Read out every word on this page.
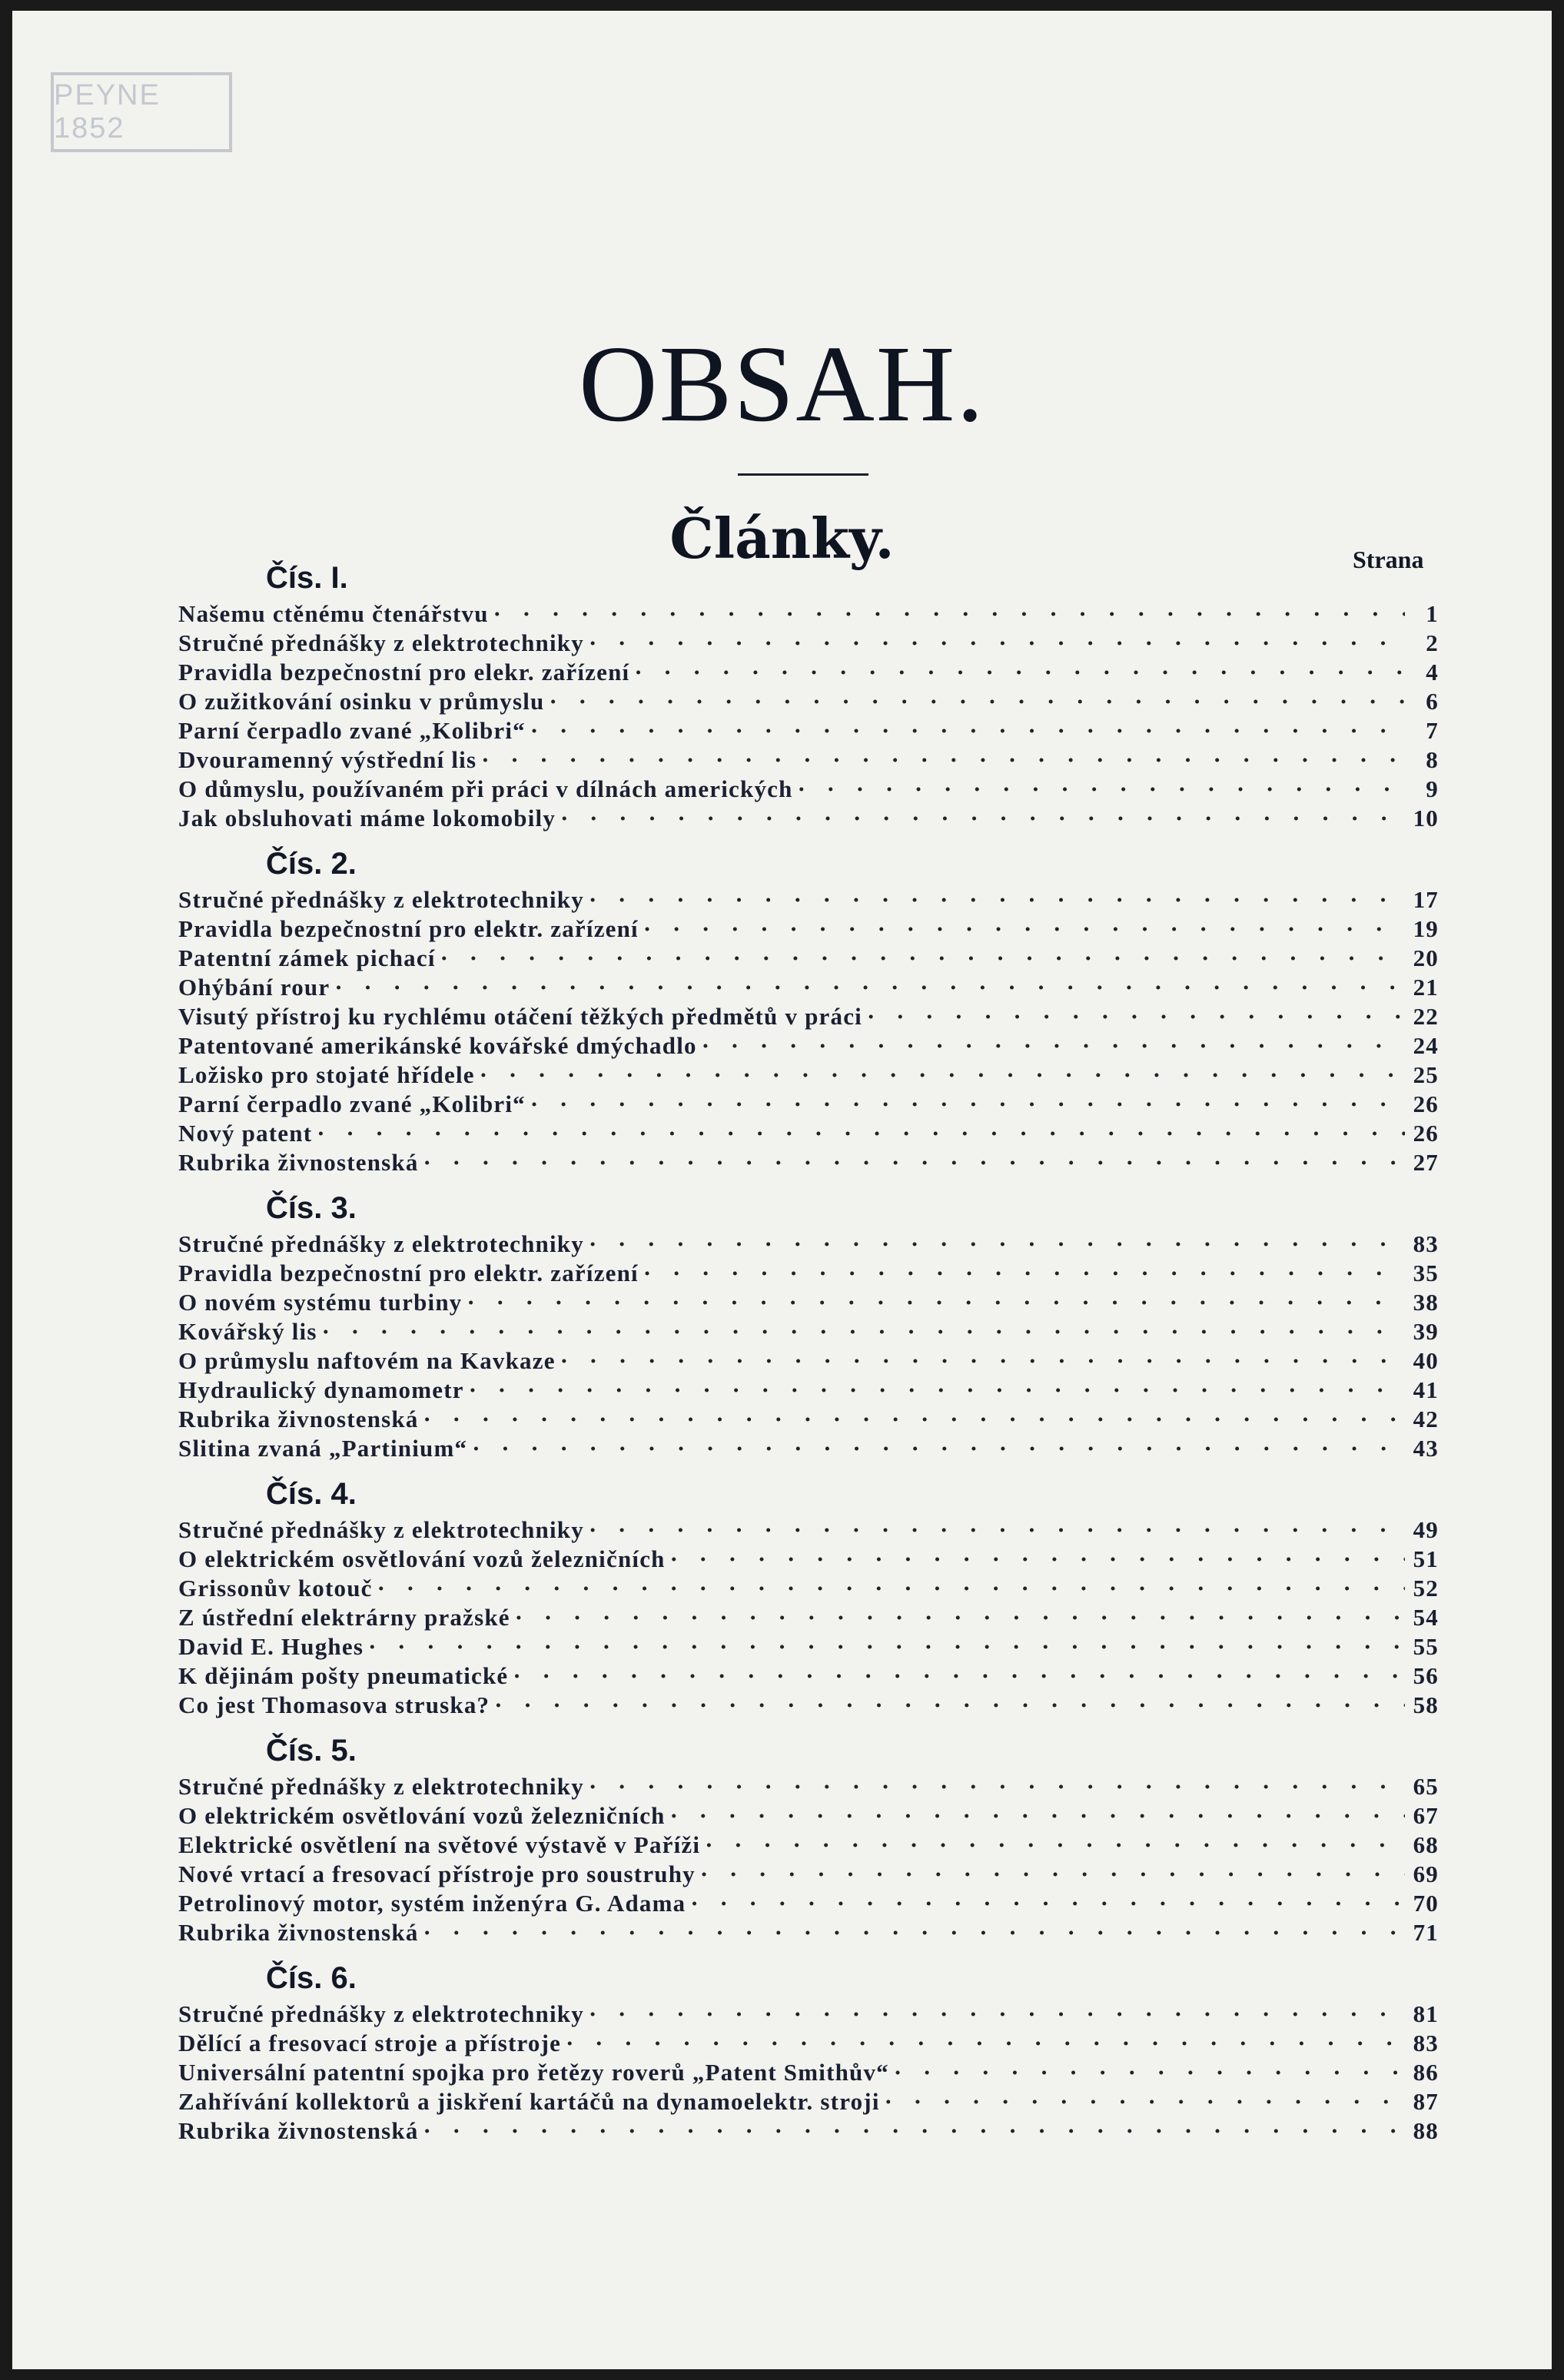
PEYNE 1852
OBSAH.
Články.	Strana
Čís. I.
Našemu ctěnému čtenářstvu · · ·	1
Stručné přednášky z elektrotechniky · · ·	2
Pravidla bezpečnostní pro elekr. zařízení · · ·	4
O zužitkování osinku v průmyslu · · ·	6
Parní čerpadlo zvané „Kolibri“ · · ·	7
Dvouramenný výstřední lis · · ·	8
O důmyslu, používaném při práci v dílnách amerických · · ·	9
Jak obsluhovati máme lokomobily · · ·	10
Čís. 2.
Stručné přednášky z elektrotechniky · · ·	17
Pravidla bezpečnostní pro elektr. zařízení · · ·	19
Patentní zámek pichací · · ·	20
Ohýbání rour · · ·	21
Visutý přístroj ku rychlému otáčení těžkých předmětů v práci · · ·	22
Patentované amerikánské kovářské dmýchadlo · · ·	24
Ložisko pro stojaté hřídele · · ·	25
Parní čerpadlo zvané „Kolibri“ · · ·	26
Nový patent · · ·	26
Rubrika živnostenská · · ·	27
Čís. 3.
Stručné přednášky z elektrotechniky · · ·	83
Pravidla bezpečnostní pro elektr. zařízení · · ·	35
O novém systému turbiny · · ·	38
Kovářský lis · · ·	39
O průmyslu naftovém na Kavkaze · · ·	40
Hydraulický dynamometr · · ·	41
Rubrika živnostenská · · ·	42
Slitina zvaná „Partinium“ · · ·	43
Čís. 4.
Stručné přednášky z elektrotechniky · · ·	49
O elektrickém osvětlování vozů železničních · · ·	51
Grissonův kotouč · · ·	52
Z ústřední elektrárny pražské · · ·	54
David E. Hughes · · ·	55
K dějinám pošty pneumatické · · ·	56
Co jest Thomasova struska? · · ·	58
Čís. 5.
Stručné přednášky z elektrotechniky · · ·	65
O elektrickém osvětlování vozů železničních · · ·	67
Elektrické osvětlení na světové výstavě v Paříži · · ·	68
Nové vrtací a fresovací přístroje pro soustruhy · · ·	69
Petrolinový motor, systém inženýra G. Adama · · ·	70
Rubrika živnostenská · · ·	71
Čís. 6.
Stručné přednášky z elektrotechniky · · ·	81
Dělící a fresovací stroje a přístroje · · ·	83
Universální patentní spojka pro řetězy roverů „Patent Smithův“ · · ·	86
Zahřívání kollektorů a jiskření kartáčů na dynamoelektr. stroji · · ·	87
Rubrika živnostenská · · ·	88
